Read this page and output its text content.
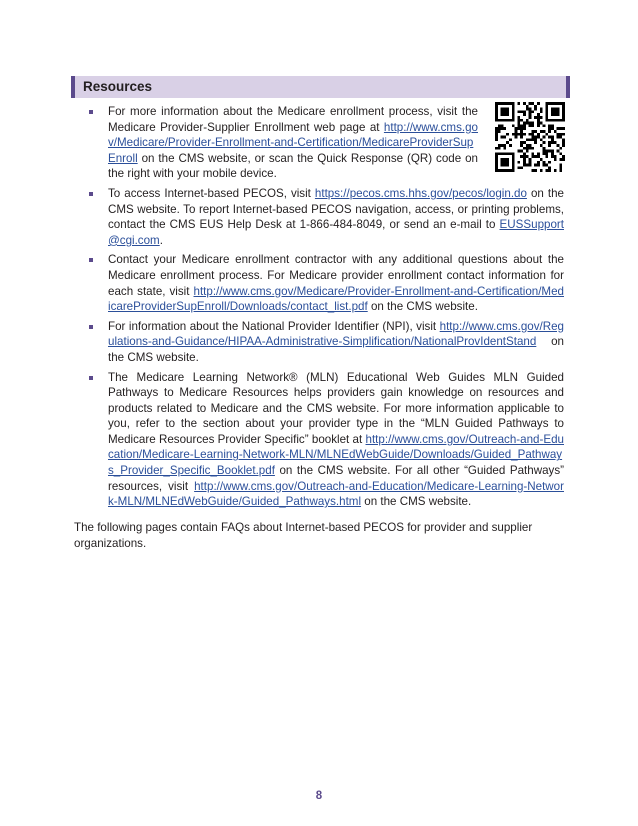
Resources
For more information about the Medicare enrollment process, visit the Medicare Provider-Supplier Enrollment web page at http://www.cms.gov/Medicare/Provider-Enrollment-and-Certification/MedicareProviderSupEnroll on the CMS website, or scan the Quick Response (QR) code on the right with your mobile device.
To access Internet-based PECOS, visit https://pecos.cms.hhs.gov/pecos/login.do on the CMS website. To report Internet-based PECOS navigation, access, or printing problems, contact the CMS EUS Help Desk at 1-866-484-8049, or send an e-mail to EUSSupport@cgi.com.
Contact your Medicare enrollment contractor with any additional questions about the Medicare enrollment process. For Medicare provider enrollment contact information for each state, visit http://www.cms.gov/Medicare/Provider-Enrollment-and-Certification/MedicareProviderSupEnroll/Downloads/contact_list.pdf on the CMS website.
For information about the National Provider Identifier (NPI), visit http://www.cms.gov/Regulations-and-Guidance/HIPAA-Administrative-Simplification/NationalProvIdentStand on the CMS website.
The Medicare Learning Network® (MLN) Educational Web Guides MLN Guided Pathways to Medicare Resources helps providers gain knowledge on resources and products related to Medicare and the CMS website. For more information applicable to you, refer to the section about your provider type in the “MLN Guided Pathways to Medicare Resources Provider Specific” booklet at http://www.cms.gov/Outreach-and-Education/Medicare-Learning-Network-MLN/MLNEdWebGuide/Downloads/Guided_Pathways_Provider_Specific_Booklet.pdf on the CMS website. For all other “Guided Pathways” resources, visit http://www.cms.gov/Outreach-and-Education/Medicare-Learning-Network-MLN/MLNEdWebGuide/Guided_Pathways.html on the CMS website.
The following pages contain FAQs about Internet-based PECOS for provider and supplier organizations.
8
